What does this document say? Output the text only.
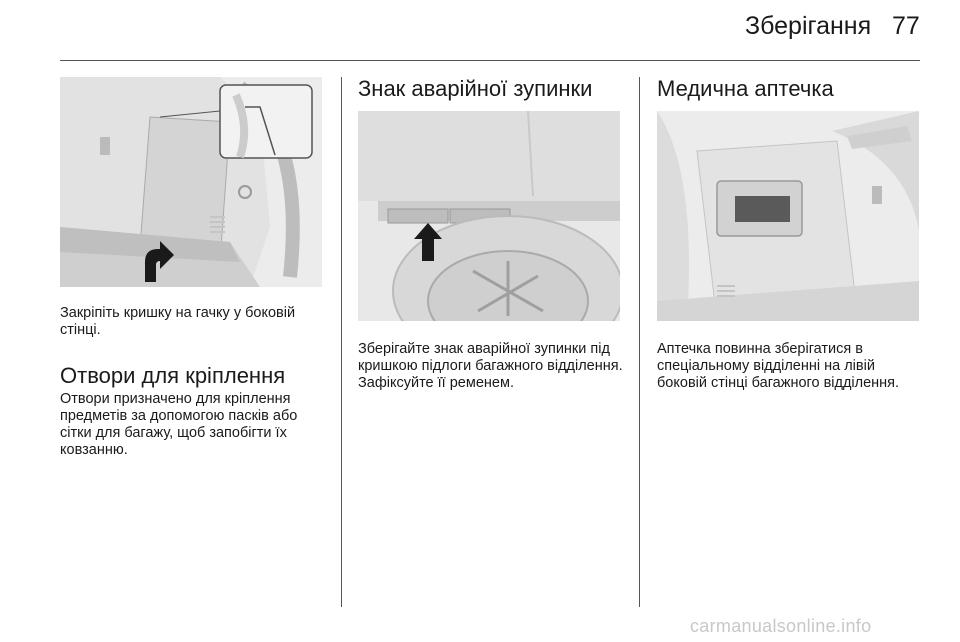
Зберігання 77
Закріпіть кришку на гачку у боковій стінці.
Отвори для кріплення
Отвори призначено для кріплення предметів за допомогою пасків або сітки для багажу, щоб запобігти їх ковзанню.
Знак аварійної зупинки
Зберігайте знак аварійної зупинки під кришкою підлоги багажного відділення. Зафіксуйте її ременем.
Медична аптечка
Аптечка повинна зберігатися в спеціальному відділенні на лівій боковій стінці багажного відділення.
carmanualsonline.info
